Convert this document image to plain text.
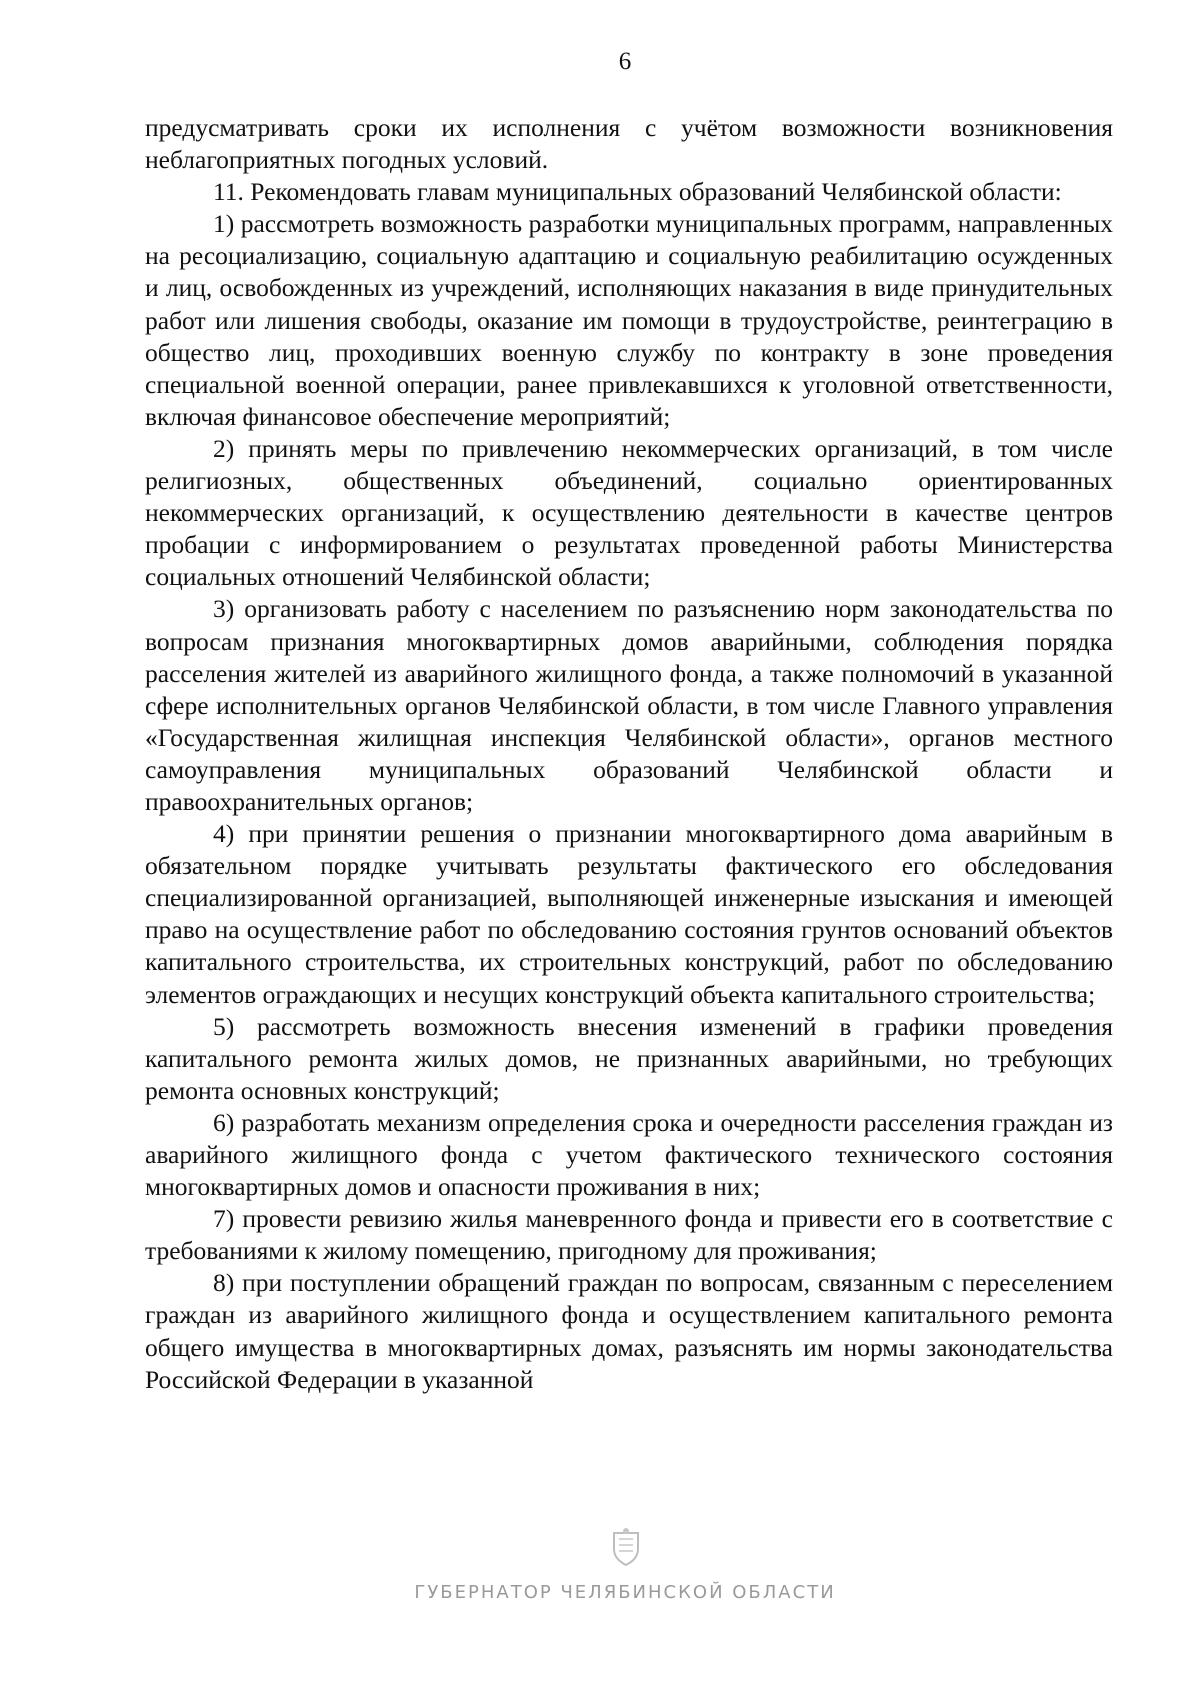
6

предусматривать сроки их исполнения с учётом возможности возникновения неблагоприятных погодных условий.

11. Рекомендовать главам муниципальных образований Челябинской области:

1) рассмотреть возможность разработки муниципальных программ, направленных на ресоциализацию, социальную адаптацию и социальную реабилитацию осужденных и лиц, освобожденных из учреждений, исполняющих наказания в виде принудительных работ или лишения свободы, оказание им помощи в трудоустройстве, реинтеграцию в общество лиц, проходивших военную службу по контракту в зоне проведения специальной военной операции, ранее привлекавшихся к уголовной ответственности, включая финансовое обеспечение мероприятий;

2) принять меры по привлечению некоммерческих организаций, в том числе религиозных, общественных объединений, социально ориентированных некоммерческих организаций, к осуществлению деятельности в качестве центров пробации с информированием о результатах проведенной работы Министерства социальных отношений Челябинской области;

3) организовать работу с населением по разъяснению норм законодательства по вопросам признания многоквартирных домов аварийными, соблюдения порядка расселения жителей из аварийного жилищного фонда, а также полномочий в указанной сфере исполнительных органов Челябинской области, в том числе Главного управления «Государственная жилищная инспекция Челябинской области», органов местного самоуправления муниципальных образований Челябинской области и правоохранительных органов;

4) при принятии решения о признании многоквартирного дома аварийным в обязательном порядке учитывать результаты фактического его обследования специализированной организацией, выполняющей инженерные изыскания и имеющей право на осуществление работ по обследованию состояния грунтов оснований объектов капитального строительства, их строительных конструкций, работ по обследованию элементов ограждающих и несущих конструкций объекта капитального строительства;

5) рассмотреть возможность внесения изменений в графики проведения капитального ремонта жилых домов, не признанных аварийными, но требующих ремонта основных конструкций;

6) разработать механизм определения срока и очередности расселения граждан из аварийного жилищного фонда с учетом фактического технического состояния многоквартирных домов и опасности проживания в них;

7) провести ревизию жилья маневренного фонда и привести его в соответствие с требованиями к жилому помещению, пригодному для проживания;

8) при поступлении обращений граждан по вопросам, связанным с переселением граждан из аварийного жилищного фонда и осуществлением капитального ремонта общего имущества в многоквартирных домах, разъяснять им нормы законодательства Российской Федерации в указанной

ГУБЕРНАТОР ЧЕЛЯБИНСКОЙ ОБЛАСТИ
